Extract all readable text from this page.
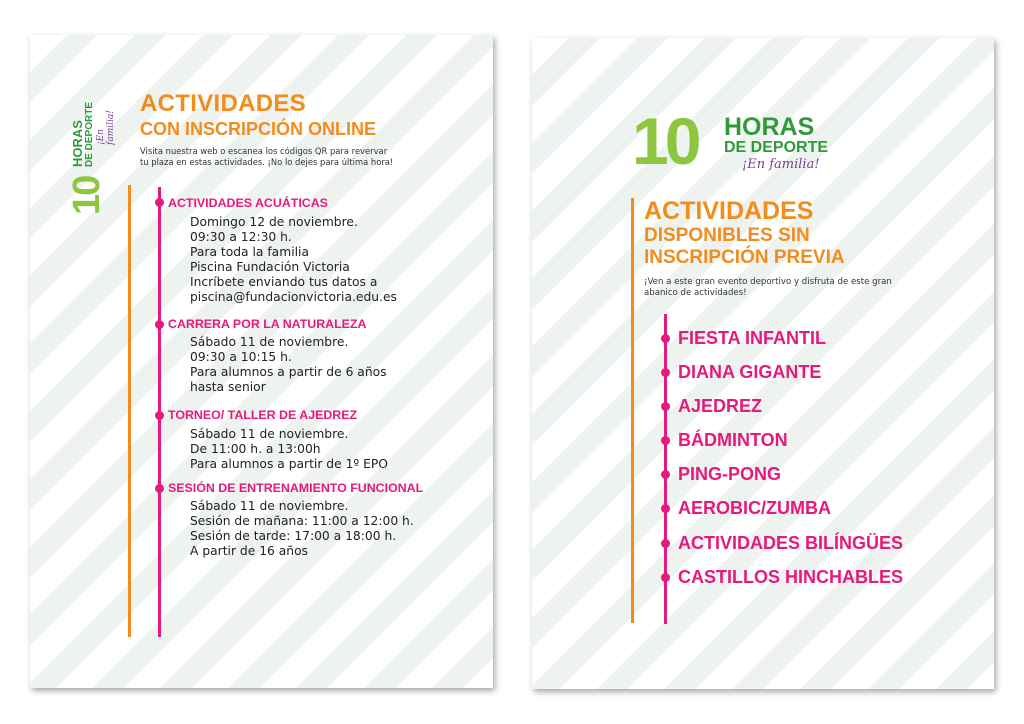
10
HORAS DE DEPORTE ¡En familia!
ACTIVIDADES
CON INSCRIPCIÓN ONLINE
Visita nuestra web o escanea los códigos QR para revervar
tu plaza en estas actividades. ¡No lo dejes para última hora!
ACTIVIDADES ACUÁTICAS
Domingo 12 de noviembre.
09:30 a 12:30 h.
Para toda la familia
Piscina Fundación Victoria
Incríbete enviando tus datos a
piscina@fundacionvictoria.edu.es
CARRERA POR LA NATURALEZA
Sábado 11 de noviembre.
09:30 a 10:15 h.
Para alumnos a partir de 6 años
hasta senior
TORNEO/ TALLER DE AJEDREZ
Sábado 11 de noviembre.
De 11:00 h. a 13:00h
Para alumnos a partir de 1º EPO
SESIÓN DE ENTRENAMIENTO FUNCIONAL
Sábado 11 de noviembre.
Sesión de mañana: 11:00 a 12:00 h.
Sesión de tarde: 17:00 a 18:00 h.
A partir de 16 años
10 HORAS
DE DEPORTE
¡En familia!
ACTIVIDADES
DISPONIBLES SIN
INSCRIPCIÓN PREVIA
¡Ven a este gran evento deportivo y disfruta de este gran
abanico de actividades!
FIESTA INFANTIL
DIANA GIGANTE
AJEDREZ
BÁDMINTON
PING-PONG
AEROBIC/ZUMBA
ACTIVIDADES BILÍNGÜES
CASTILLOS HINCHABLES
